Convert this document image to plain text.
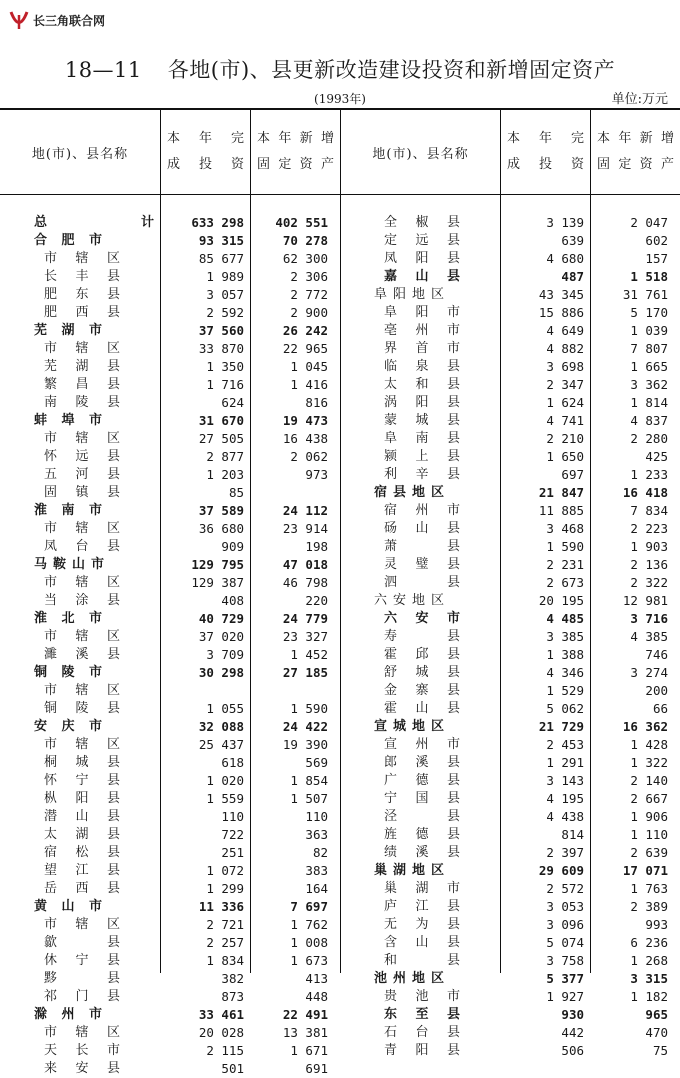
长三角联合网
18—11 各地(市)、县更新改造建设投资和新增固定资产
(1993年)	单位:万元
地(市)、县名称
本　年　完
成　投　资
本年新增
固定资产
地(市)、县名称
本　年　完
成　投　资
本年新增
固定资产
总　　计	633 298	402 551
合肥市	93 315	70 278
市辖区	85 677	62 300
长丰县	1 989	2 306
肥东县	3 057	2 772
肥西县	2 592	2 900
芜湖市	37 560	26 242
市辖区	33 870	22 965
芜湖县	1 350	1 045
繁昌县	1 716	1 416
南陵县	624	816
蚌埠市	31 670	19 473
市辖区	27 505	16 438
怀远县	2 877	2 062
五河县	1 203	973
固镇县	85
淮南市	37 589	24 112
市辖区	36 680	23 914
凤台县	909	198
马鞍山市	129 795	47 018
市辖区	129 387	46 798
当涂县	408	220
淮北市	40 729	24 779
市辖区	37 020	23 327
濉溪县	3 709	1 452
铜陵市	30 298	27 185
市辖区
铜陵县	1 055	1 590
安庆市	32 088	24 422
市辖区	25 437	19 390
桐城县	618	569
怀宁县	1 020	1 854
枞阳县	1 559	1 507
潜山县	110	110
太湖县	722	363
宿松县	251	82
望江县	1 072	383
岳西县	1 299	164
黄山市	11 336	7 697
市辖区	2 721	1 762
歙县	2 257	1 008
休宁县	1 834	1 673
黟县	382	413
祁门县	873	448
滁州市	33 461	22 491
市辖区	20 028	13 381
天长市	2 115	1 671
来安县	501	691
全椒县	3 139	2 047
定远县	639	602
凤阳县	4 680	157
嘉山县	487	1 518
阜阳地区	43 345	31 761
阜阳市	15 886	5 170
亳州市	4 649	1 039
界首市	4 882	7 807
临泉县	3 698	1 665
太和县	2 347	3 362
涡阳县	1 624	1 814
蒙城县	4 741	4 837
阜南县	2 210	2 280
颍上县	1 650	425
利辛县	697	1 233
宿县地区	21 847	16 418
宿州市	11 885	7 834
砀山县	3 468	2 223
萧县	1 590	1 903
灵璧县	2 231	2 136
泗县	2 673	2 322
六安地区	20 195	12 981
六安市	4 485	3 716
寿县	3 385	4 385
霍邱县	1 388	746
舒城县	4 346	3 274
金寨县	1 529	200
霍山县	5 062	66
宣城地区	21 729	16 362
宣州市	2 453	1 428
郎溪县	1 291	1 322
广德县	3 143	2 140
宁国县	4 195	2 667
泾县	4 438	1 906
旌德县	814	1 110
绩溪县	2 397	2 639
巢湖地区	29 609	17 071
巢湖市	2 572	1 763
庐江县	3 053	2 389
无为县	3 096	993
含山县	5 074	6 236
和县	3 758	1 268
池州地区	5 377	3 315
贵池市	1 927	1 182
东至县	930	965
石台县	442	470
青阳县	506	75
